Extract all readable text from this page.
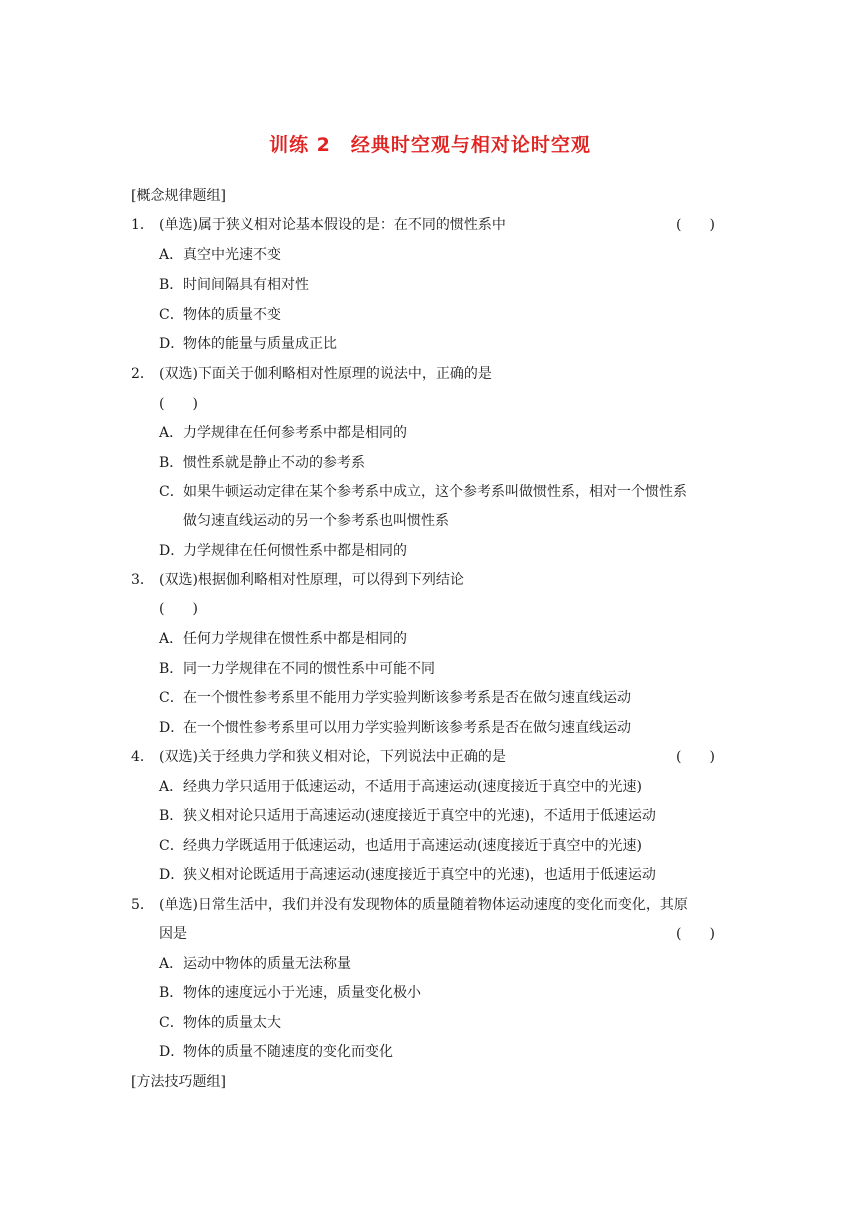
训练 2 经典时空观与相对论时空观
[概念规律题组]
1． (单选)属于狭义相对论基本假设的是：在不同的惯性系中	(　　)
A．真空中光速不变
B．时间间隔具有相对性
C．物体的质量不变
D．物体的能量与质量成正比
2． (双选)下面关于伽利略相对性原理的说法中，正确的是
(　　)
A．力学规律在任何参考系中都是相同的
B．惯性系就是静止不动的参考系
C．如果牛顿运动定律在某个参考系中成立，这个参考系叫做惯性系，相对一个惯性系
做匀速直线运动的另一个参考系也叫惯性系
D．力学规律在任何惯性系中都是相同的
3． (双选)根据伽利略相对性原理，可以得到下列结论
(　　)
A．任何力学规律在惯性系中都是相同的
B．同一力学规律在不同的惯性系中可能不同
C．在一个惯性参考系里不能用力学实验判断该参考系是否在做匀速直线运动
D．在一个惯性参考系里可以用力学实验判断该参考系是否在做匀速直线运动
4． (双选)关于经典力学和狭义相对论，下列说法中正确的是	(　　)
A．经典力学只适用于低速运动，不适用于高速运动(速度接近于真空中的光速)
B．狭义相对论只适用于高速运动(速度接近于真空中的光速)，不适用于低速运动
C．经典力学既适用于低速运动，也适用于高速运动(速度接近于真空中的光速)
D．狭义相对论既适用于高速运动(速度接近于真空中的光速)，也适用于低速运动
5． (单选)日常生活中，我们并没有发现物体的质量随着物体运动速度的变化而变化，其原
因是	(　　)
A．运动中物体的质量无法称量
B．物体的速度远小于光速，质量变化极小
C．物体的质量太大
D．物体的质量不随速度的变化而变化
[方法技巧题组]
